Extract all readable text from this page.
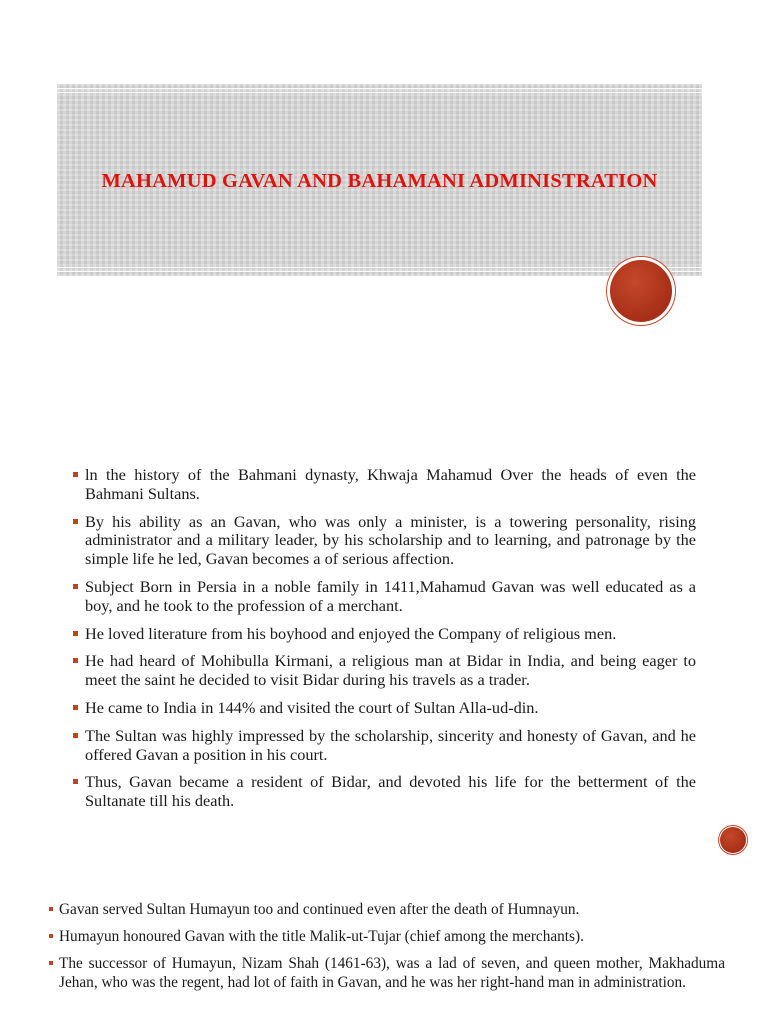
MAHAMUD GAVAN AND BAHAMANI ADMINISTRATION
ln the history of the Bahmani dynasty, Khwaja Mahamud Over the heads of even the Bahmani Sultans.
By his ability as an Gavan, who was only a minister, is a towering personality, rising administrator and a military leader, by his scholarship and to learning, and patronage by the simple life he led, Gavan becomes a of serious affection.
Subject Born in Persia in a noble family in 1411,Mahamud Gavan was well educated as a boy, and he took to the profession of a merchant.
He loved literature from his boyhood and enjoyed the Company of religious men.
He had heard of Mohibulla Kirmani, a religious man at Bidar in India, and being eager to meet the saint he decided to visit Bidar during his travels as a trader.
He came to India in 144% and visited the court of Sultan Alla-ud-din.
The Sultan was highly impressed by the scholarship, sincerity and honesty of Gavan, and he offered Gavan a position in his court.
Thus, Gavan became a resident of Bidar, and devoted his life for the betterment of the Sultanate till his death.
Gavan served Sultan Humayun too and continued even after the death of Humnayun.
Humayun honoured Gavan with the title Malik-ut-Tujar (chief among the merchants).
The successor of Humayun, Nizam Shah (1461-63), was a lad of seven, and queen mother, Makhaduma Jehan, who was the regent, had lot of faith in Gavan, and he was her right-hand man in administration.
